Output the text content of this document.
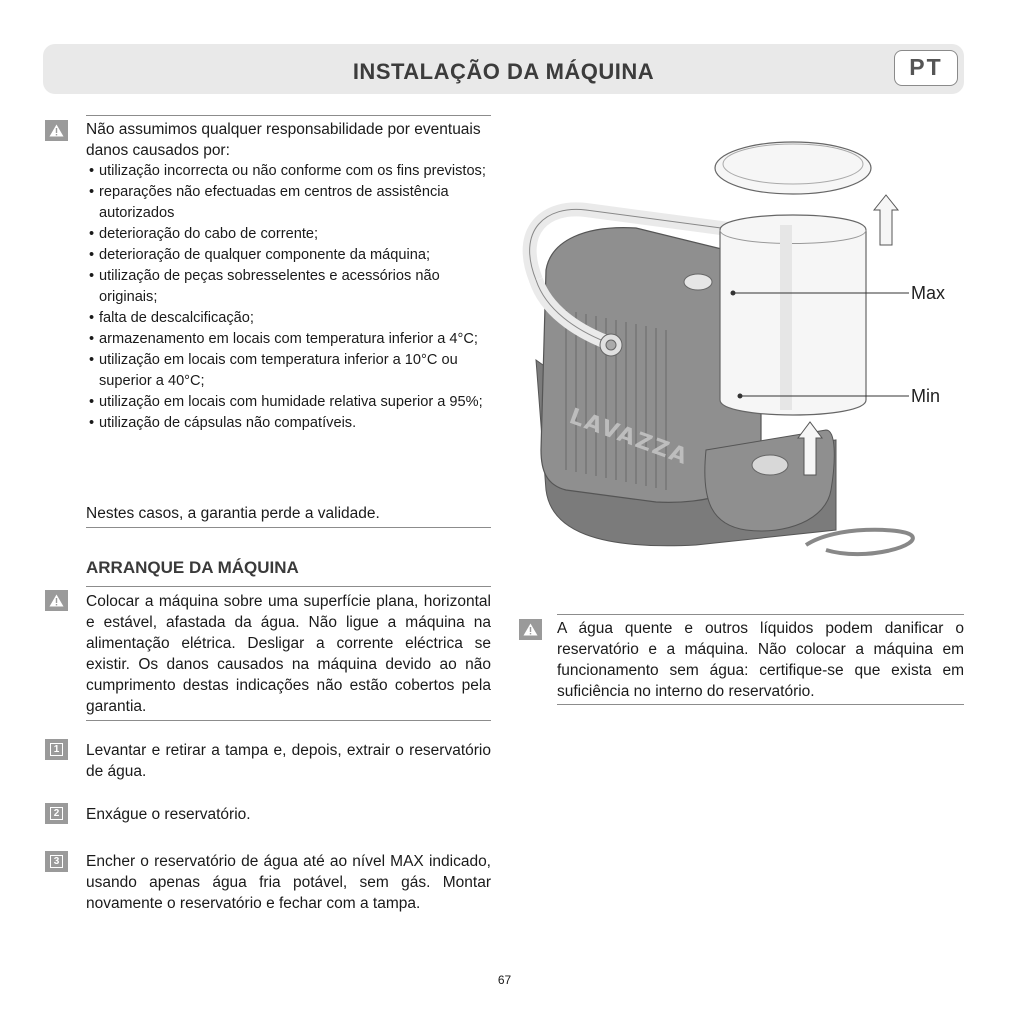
INSTALAÇÃO DA MÁQUINA	PT

Não assumimos qualquer responsabilidade por eventuais danos causados por:

• utilização incorrecta ou não conforme com os fins previstos;
• reparações não efectuadas em centros de assistência autorizados
• deterioração do cabo de corrente;
• deterioração de qualquer componente da máquina;
• utilização de peças sobresselentes e acessórios não originais;
• falta de descalcificação;
• armazenamento em locais com temperatura inferior a 4°C;
• utilização em locais com temperatura inferior a 10°C ou superior a 40°C;
• utilização em locais com humidade relativa superior a 95%;
• utilização de cápsulas não compatíveis.

Nestes casos, a garantia perde a validade.

ARRANQUE DA MÁQUINA

Colocar a máquina sobre uma superfície plana, horizontal e estável, afastada da água. Não ligue a máquina na alimentação elétrica. Desligar a corrente eléctrica se existir. Os danos causados na máquina devido ao não cumprimento destas indicações não estão cobertos pela garantia.

1 Levantar e retirar a tampa e, depois, extrair o reservatório de água.

2 Enxágue o reservatório.

3 Encher o reservatório de água até ao nível MAX indicado, usando apenas água fria potável, sem gás. Montar novamente o reservatório e fechar com a tampa.

LAVAZZA
Max
Min

A água quente e outros líquidos podem danificar o reservatório e a máquina. Não colocar a máquina em funcionamento sem água: certifique-se que exista em suficiência no interno do reservatório.

67
